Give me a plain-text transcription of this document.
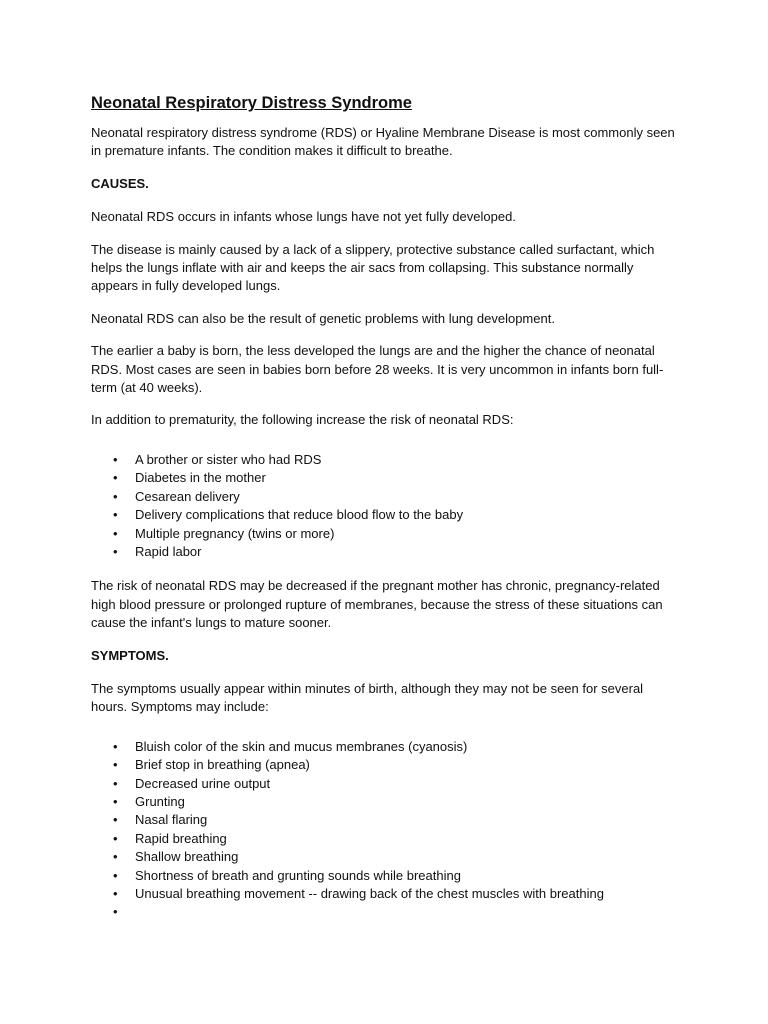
Neonatal Respiratory Distress Syndrome

Neonatal respiratory distress syndrome (RDS) or Hyaline Membrane Disease is most commonly seen in premature infants. The condition makes it difficult to breathe.

CAUSES.

Neonatal RDS occurs in infants whose lungs have not yet fully developed.

The disease is mainly caused by a lack of a slippery, protective substance called surfactant, which helps the lungs inflate with air and keeps the air sacs from collapsing. This substance normally appears in fully developed lungs.

Neonatal RDS can also be the result of genetic problems with lung development.

The earlier a baby is born, the less developed the lungs are and the higher the chance of neonatal RDS. Most cases are seen in babies born before 28 weeks. It is very uncommon in infants born full-term (at 40 weeks).

In addition to prematurity, the following increase the risk of neonatal RDS:

• A brother or sister who had RDS
• Diabetes in the mother
• Cesarean delivery
• Delivery complications that reduce blood flow to the baby
• Multiple pregnancy (twins or more)
• Rapid labor

The risk of neonatal RDS may be decreased if the pregnant mother has chronic, pregnancy-related high blood pressure or prolonged rupture of membranes, because the stress of these situations can cause the infant's lungs to mature sooner.

SYMPTOMS.

The symptoms usually appear within minutes of birth, although they may not be seen for several hours. Symptoms may include:

• Bluish color of the skin and mucus membranes (cyanosis)
• Brief stop in breathing (apnea)
• Decreased urine output
• Grunting
• Nasal flaring
• Rapid breathing
• Shallow breathing
• Shortness of breath and grunting sounds while breathing
• Unusual breathing movement -- drawing back of the chest muscles with breathing
•
